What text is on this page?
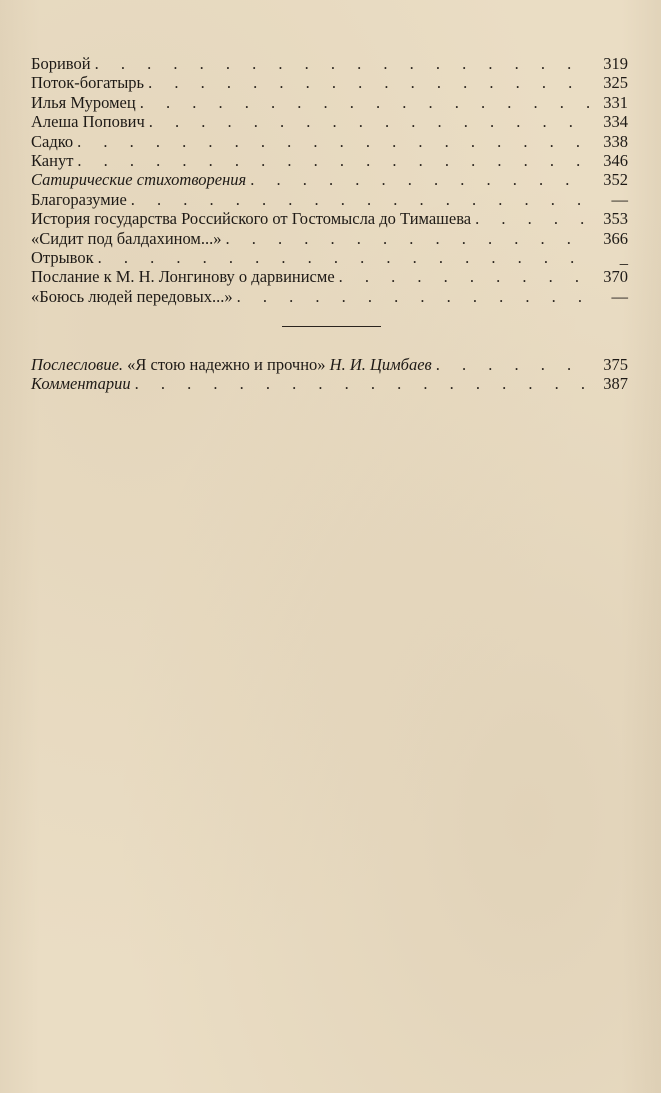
Боривой . . .	319
Поток-богатырь . . .	325
Илья Муромец . . .	331
Алеша Попович . . .	334
Садко . . .	338
Канут . . .	346
Сатирические стихотворения . . .	352
Благоразумие . . .	—
История государства Российского от Гостомысла до Тимашева . . .	353
«Сидит под балдахином...» . . .	366
Отрывок . . .	_
Послание к М. Н. Лонгинову о дарвинисме . . .	370
«Боюсь людей передовых...» . . .	—
Послесловие. «Я стою надежно и прочно» Н. И. Цимбаев . . .	375
Комментарии . . .	387
